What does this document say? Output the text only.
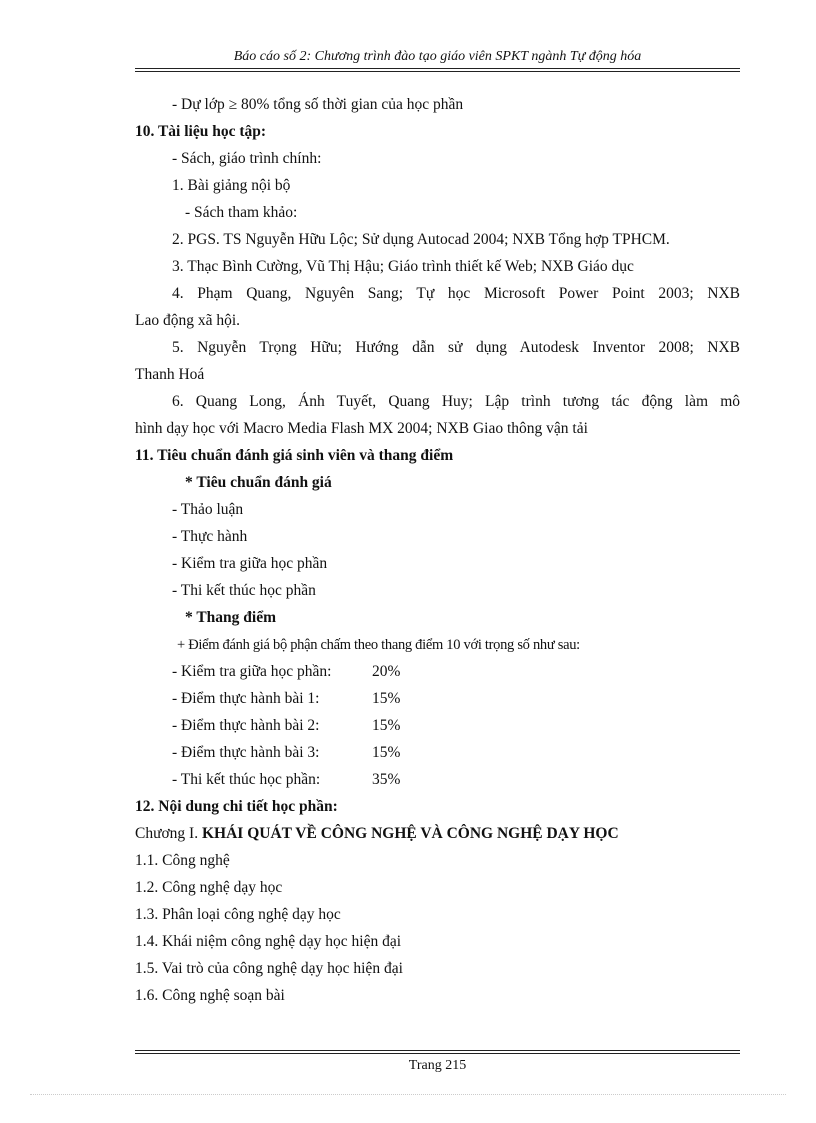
Báo cáo số 2: Chương trình đào tạo giáo viên SPKT ngành Tự động hóa
- Dự lớp ≥ 80% tổng số thời gian của học phần
10. Tài liệu học tập:
- Sách, giáo trình chính:
1. Bài giảng nội bộ
- Sách tham khảo:
2. PGS. TS Nguyễn Hữu Lộc; Sử dụng Autocad 2004; NXB Tổng hợp TPHCM.
3. Thạc Bình Cường, Vũ Thị Hậu; Giáo trình thiết kế Web; NXB Giáo dục
4. Phạm Quang, Nguyên Sang; Tự học Microsoft Power Point 2003; NXB
Lao động xã hội.
5. Nguyễn Trọng Hữu; Hướng dẫn sử dụng Autodesk Inventor 2008; NXB
Thanh Hoá
6. Quang Long, Ánh Tuyết, Quang Huy; Lập trình tương tác động làm mô
hình dạy học với Macro Media Flash MX 2004; NXB Giao thông vận tải
11. Tiêu chuẩn đánh giá sinh viên và thang điểm
* Tiêu chuẩn đánh giá
- Thảo luận
- Thực hành
- Kiểm tra giữa học phần
- Thi kết thúc học phần
* Thang điểm
+ Điểm đánh giá bộ phận chấm theo thang điểm 10 với trọng số như sau:
- Kiểm tra giữa học phần:	20%
- Điểm thực hành bài 1:	15%
- Điểm thực hành bài 2:	15%
- Điểm thực hành bài 3:	15%
- Thi kết thúc học phần:	35%
12. Nội dung chi tiết học phần:
Chương I. KHÁI QUÁT VỀ CÔNG NGHỆ VÀ CÔNG NGHỆ DẠY HỌC
1.1. Công nghệ
1.2. Công nghệ dạy học
1.3. Phân loại công nghệ dạy học
1.4. Khái niệm công nghệ dạy học hiện đại
1.5. Vai trò của công nghệ dạy học hiện đại
1.6. Công nghệ soạn bài
Trang 215
